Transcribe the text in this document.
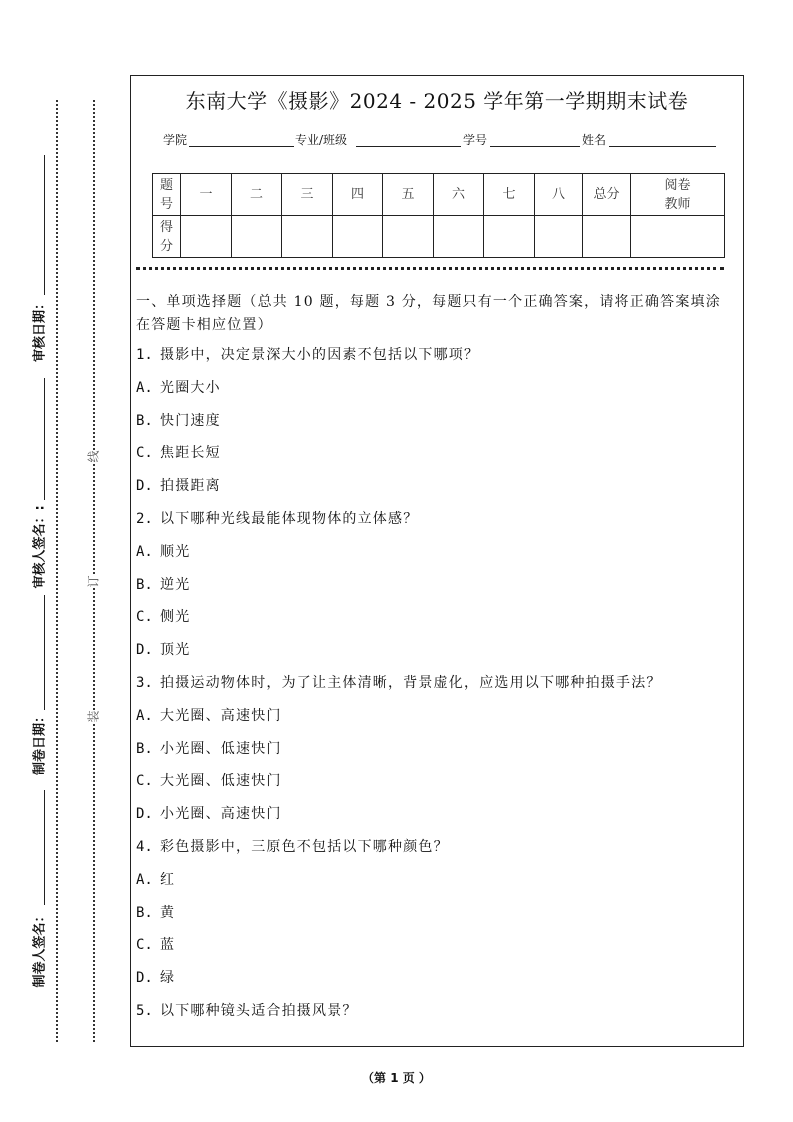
审核日期：
审核人签名：:
制卷日期：
制卷人签名：
线
订
装
东南大学《摄影》2024 - 2025 学年第一学期期末试卷
学院	专业/班级	学号	姓名
题号	一	二	三	四	五	六	七	八	总分	阅卷教师

得分										

一、单项选择题（总共 10 题，每题 3 分，每题只有一个正确答案，请将正确答案填涂在答题卡相应位置）
1. 摄影中，决定景深大小的因素不包括以下哪项？
A. 光圈大小
B. 快门速度
C. 焦距长短
D. 拍摄距离
2. 以下哪种光线最能体现物体的立体感？
A. 顺光
B. 逆光
C. 侧光
D. 顶光
3. 拍摄运动物体时，为了让主体清晰，背景虚化，应选用以下哪种拍摄手法？
A. 大光圈、高速快门
B. 小光圈、低速快门
C. 大光圈、低速快门
D. 小光圈、高速快门
4. 彩色摄影中，三原色不包括以下哪种颜色？
A. 红
B. 黄
C. 蓝
D. 绿
5. 以下哪种镜头适合拍摄风景？
（第 1 页 ）
